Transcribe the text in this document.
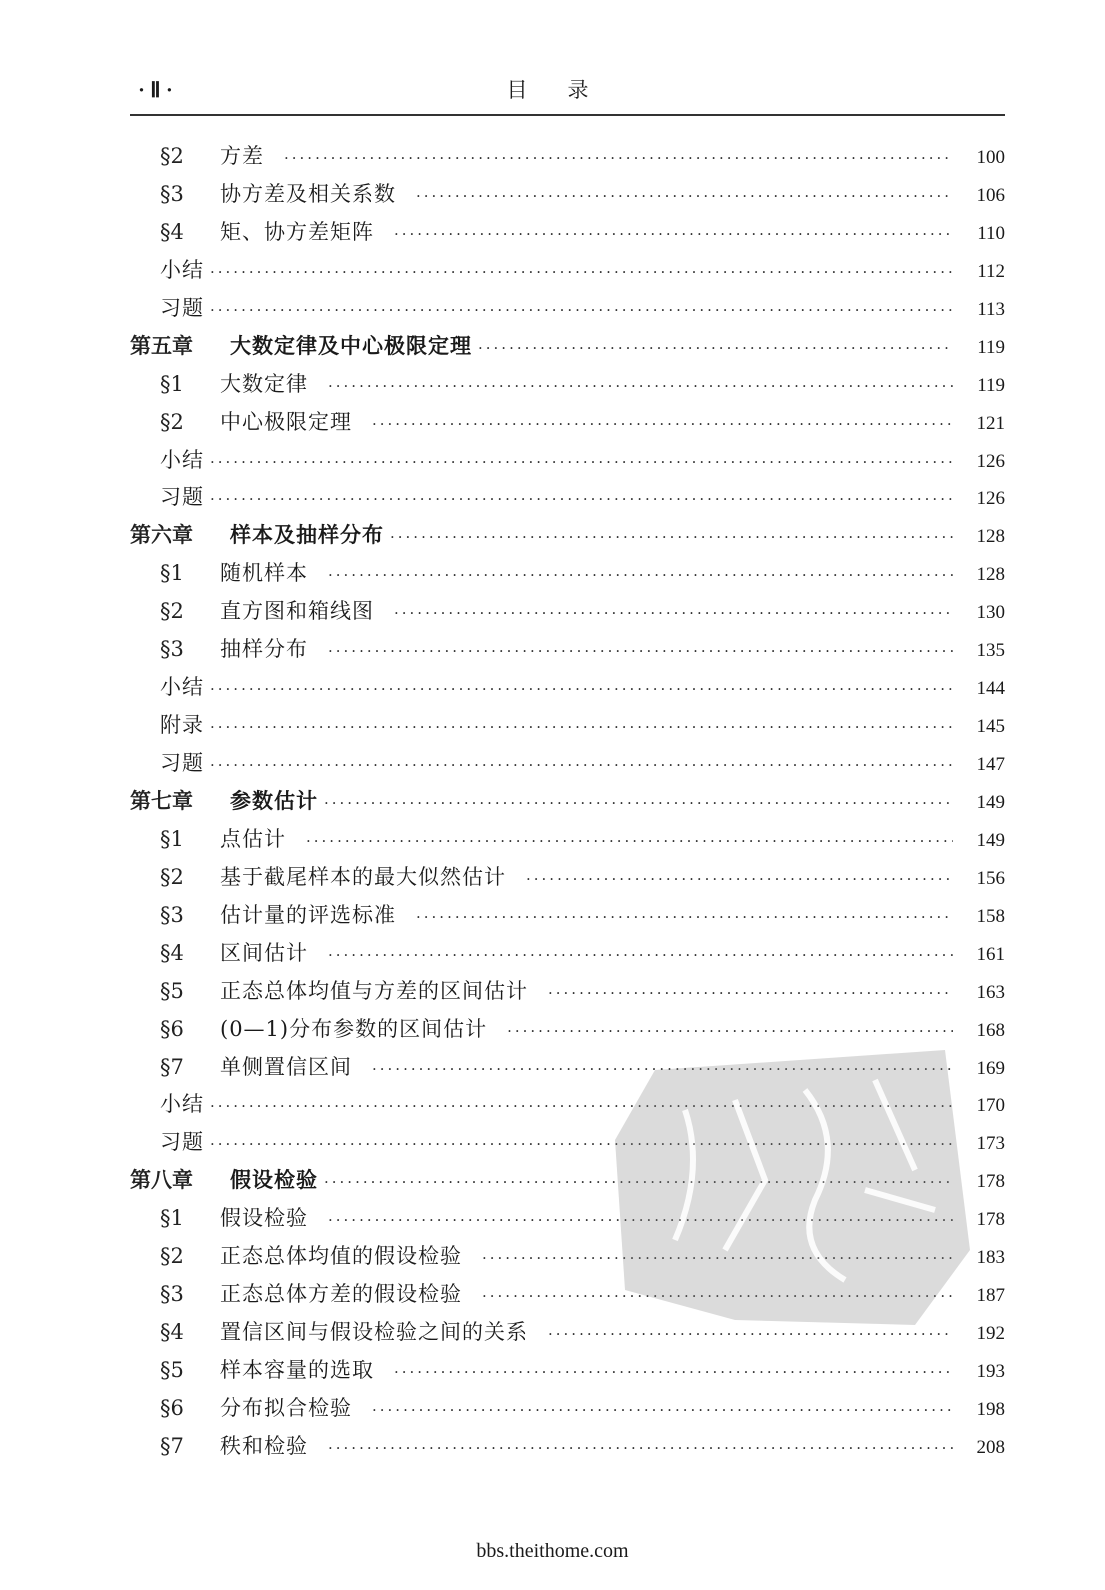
· Ⅱ ·	目录
§2	方差 ·····	100
§3	协方差及相关系数 ·····	106
§4	矩、协方差矩阵 ·····	110
小结 ·····	112
习题 ·····	113
第五章	大数定律及中心极限定理 ·····	119
§1	大数定律 ·····	119
§2	中心极限定理 ·····	121
小结 ·····	126
习题 ·····	126
第六章	样本及抽样分布 ·····	128
§1	随机样本 ·····	128
§2	直方图和箱线图 ·····	130
§3	抽样分布 ·····	135
小结 ·····	144
附录 ·····	145
习题 ·····	147
第七章	参数估计 ·····	149
§1	点估计 ·····	149
§2	基于截尾样本的最大似然估计 ·····	156
§3	估计量的评选标准 ·····	158
§4	区间估计 ·····	161
§5	正态总体均值与方差的区间估计 ·····	163
§6	(0—1)分布参数的区间估计 ·····	168
§7	单侧置信区间 ·····	169
小结 ·····	170
习题 ·····	173
第八章	假设检验 ·····	178
§1	假设检验 ·····	178
§2	正态总体均值的假设检验 ·····	183
§3	正态总体方差的假设检验 ·····	187
§4	置信区间与假设检验之间的关系 ·····	192
§5	样本容量的选取 ·····	193
§6	分布拟合检验 ·····	198
§7	秩和检验 ·····	208
bbs.theithome.com
